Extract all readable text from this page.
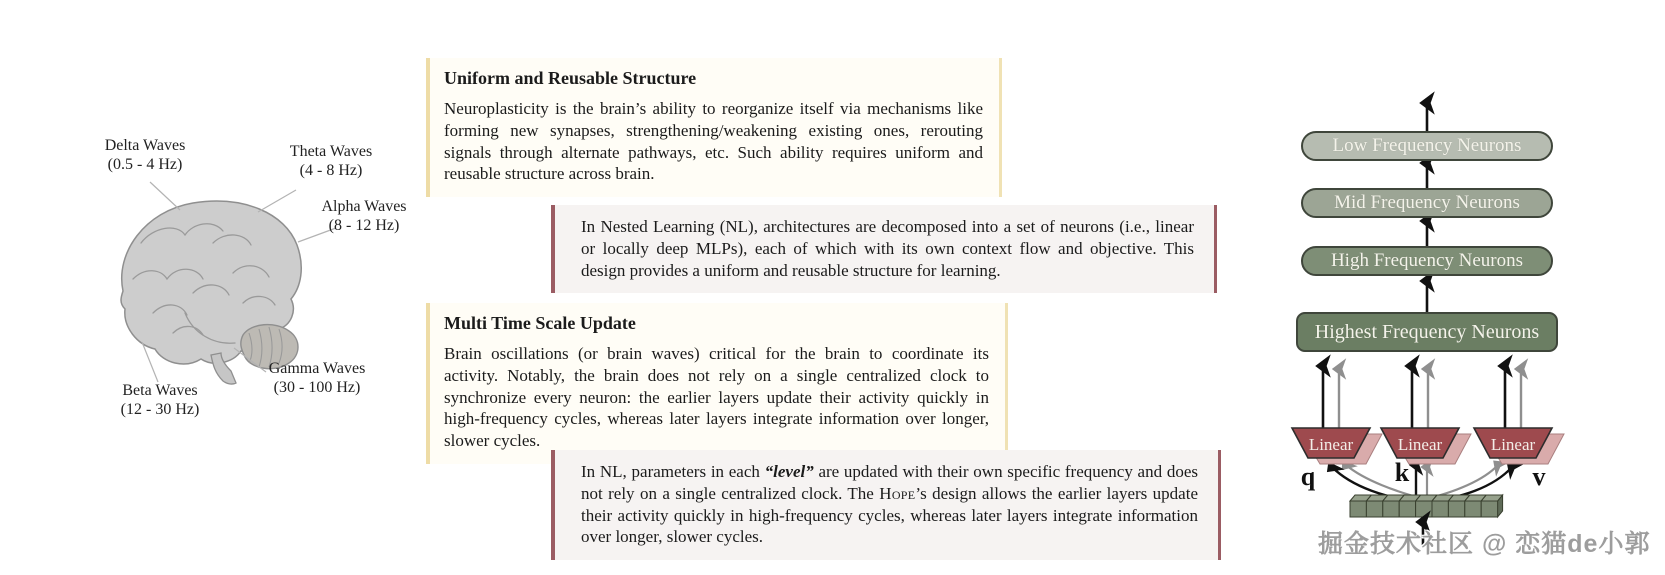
Delta Waves
(0.5 - 4 Hz)
Theta Waves
(4 - 8 Hz)
Alpha Waves
(8 - 12 Hz)
Gamma Waves
(30 - 100 Hz)
Beta Waves
(12 - 30 Hz)
Uniform and Reusable Structure

Neuroplasticity is the brain’s ability to reorganize itself via mechanisms like forming new synapses, strengthening/weakening existing ones, rerouting signals through alternate pathways, etc. Such ability requires uniform and reusable structure across brain.

In Nested Learning (NL), architectures are decomposed into a set of neurons (i.e., linear or locally deep MLPs), each of which with its own context flow and objective. This design provides a uniform and reusable structure for learning.

Multi Time Scale Update

Brain oscillations (or brain waves) critical for the brain to coordinate its activity. Notably, the brain does not rely on a single centralized clock to synchronize every neuron: the earlier layers update their activity quickly in high-frequency cycles, whereas later layers integrate information over longer, slower cycles.

In NL, parameters in each “level” are updated with their own specific frequency and does not rely on a single centralized clock. The Hope’s design allows the earlier layers update their activity quickly in high-frequency cycles, whereas later layers integrate information over longer, slower cycles.

Linear	Linear	Linear
q	k	v
Low Frequency Neurons
Mid Frequency Neurons
High Frequency Neurons
Highest Frequency Neurons
掘金技术社区 @ 恋猫de小郭
